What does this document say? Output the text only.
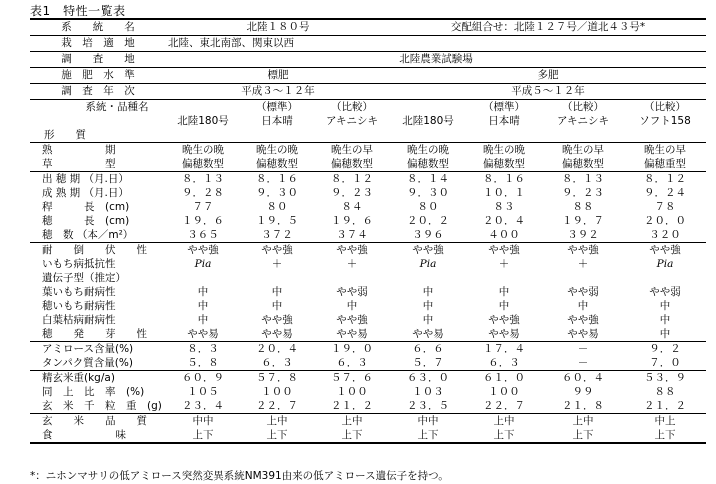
表1　特性一覧表
系　　統　　名	北陸１８０号			交配組合せ：北陸１２７号／道北４３号*			
栽　培　適　地	北陸、東北南部、関東以西						
調　　査　　地	北陸農業試験場						
施　肥　水　準	標肥			多肥			
調　査　年　次	平成３〜１２年			平成５〜１２年			
系統・品種名		（標準）	（比較）		（標準）	（比較）	（比較）
	北陸180号	日本晴	アキニシキ	北陸180号	日本晴	アキニシキ	ソフト158
形　　質							
熟　　　　　期	晩生の晩	晩生の晩	晩生の早	晩生の晩	晩生の晩	晩生の早	晩生の早
草　　　　　型	偏穂数型	偏穂数型	偏穂数型	偏穂数型	偏穂数型	偏穂数型	偏穂重型
出 穂 期 （月.日）	８．１３	８．１６	８．１２	８．１４	８．１６	８．１３	８．１２
成 熟 期 （月.日）	９．２８	９．３０	９．２３	９．３０	１０．１	９．２３	９．２４
稈　　　長　(cm)	７７	８０	８４	８０	８３	８８	７８
穂　　　長　(cm)	１９．６	１９．５	１９．６	２０．２	２０．４	１９．７	２０．０
穂　数 （本／m²）	３６５	３７２	３７４	３９６	４００	３９２	３２０
耐　　倒　　伏　　性	やや強	やや強	やや強	やや強	やや強	やや強	やや強
いもち病抵抗性	Pia	＋	＋	Pia	＋	＋	Pia
遺伝子型（推定）							
葉いもち耐病性	中	中	やや弱	中	中	やや弱	やや弱
穂いもち耐病性	中	中	中	中	中	中	中
白葉枯病耐病性	中	やや強	やや強	中	やや強	やや強	中
穂　　発　　芽　　性	やや易	やや易	やや易	やや易	やや易	やや易	中
アミロース含量(%)	８．３	２０．４	１９．０	６．６	１７．４	－	９．２
タンパク質含量(%)	５．８	６．３	６．３	５．７	６．３	－	７．０
精玄米重(kg/a)	６０．９	５７．８	５７．６	６３．０	６１．０	６０．４	５３．９
同　上　比　率　(%)	１０５	１００	１００	１０３	１００	９９	８８
玄　米　千　粒　重　(g)	２３．４	２２．７	２１．２	２３．５	２２．７	２１．８	２１．２
玄　　米　　品　　質	中中	上中	上中	中中	上中	上中	中上
食　　　　　　味	上下	上下	上下	上下	上下	上下	上下
*：ニホンマサリの低アミロース突然変異系統NM391由来の低アミロース遺伝子を持つ。
